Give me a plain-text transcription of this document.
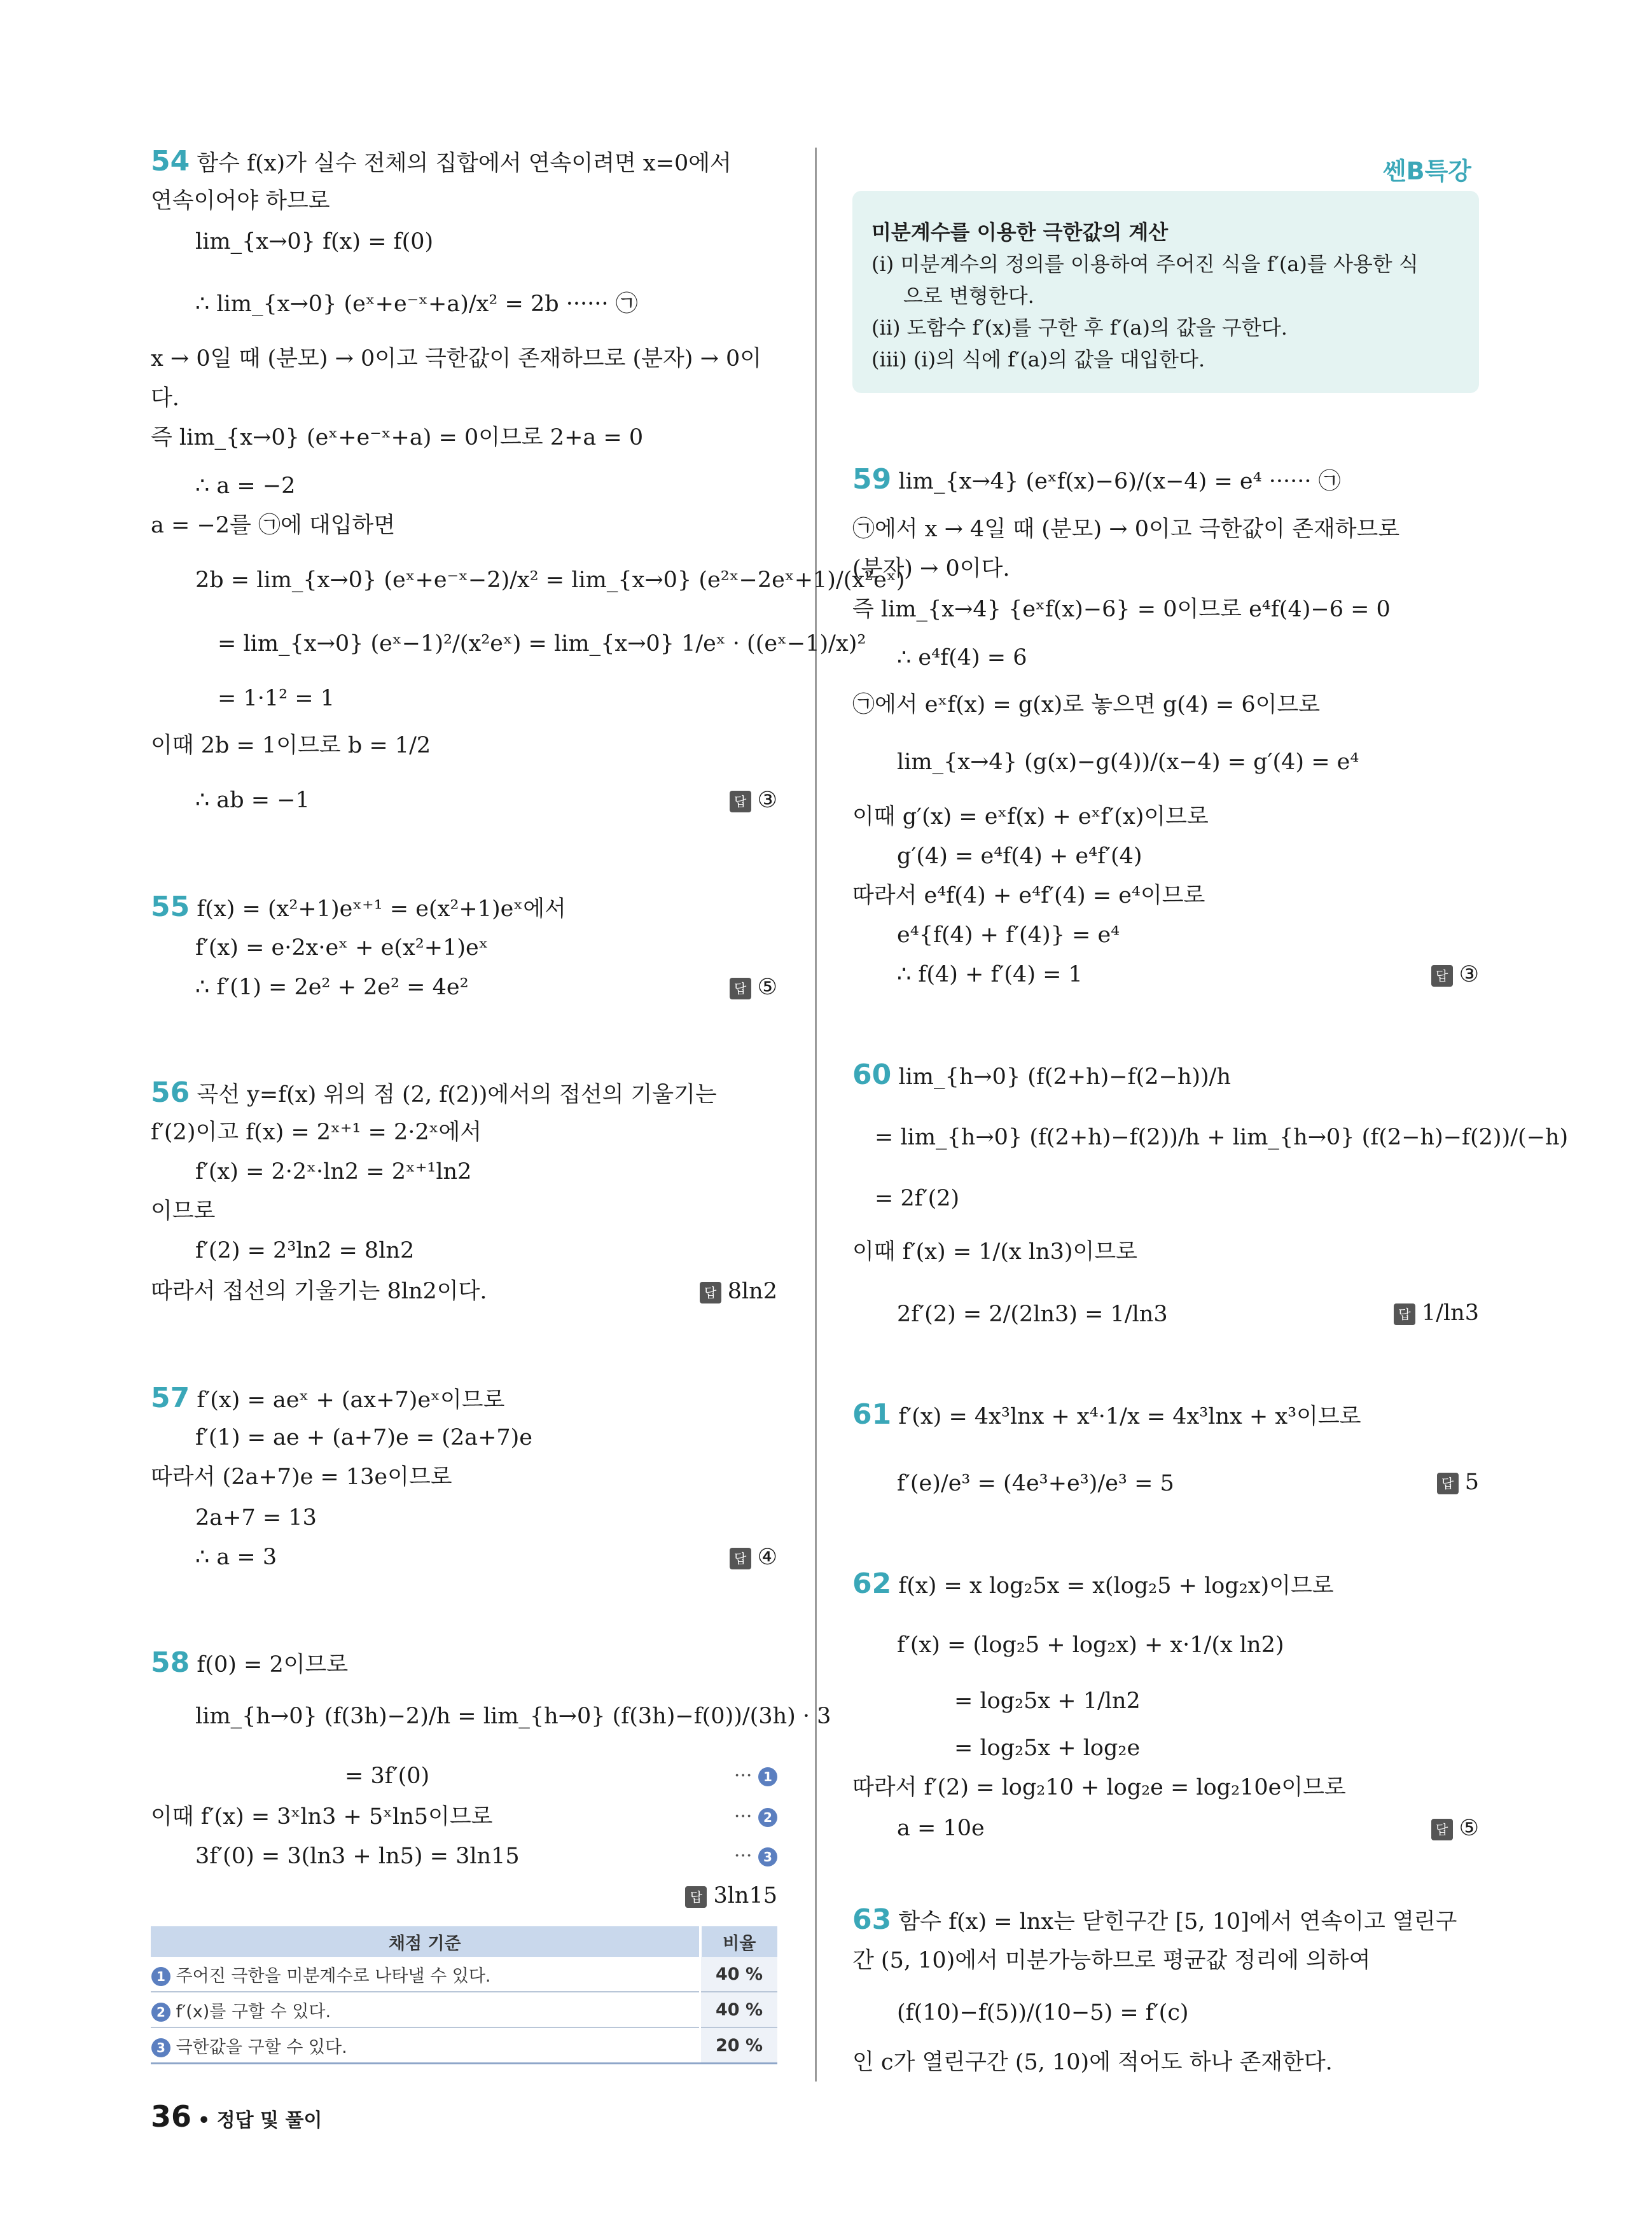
54 함수 f(x)가 실수 전체의 집합에서 연속이려면 x=0에서
연속이어야 하므로
lim_{x→0} f(x) = f(0)
∴ lim_{x→0} (eˣ+e⁻ˣ+a)/x² = 2b ······ ㉠
x → 0일 때 (분모) → 0이고 극한값이 존재하므로 (분자) → 0이
다.
즉 lim_{x→0} (eˣ+e⁻ˣ+a) = 0이므로 2+a = 0
∴ a = −2
a = −2를 ㉠에 대입하면
2b = lim_{x→0} (eˣ+e⁻ˣ−2)/x² = lim_{x→0} (e²ˣ−2eˣ+1)/(x²eˣ)
= lim_{x→0} (eˣ−1)²/(x²eˣ) = lim_{x→0} 1/eˣ · ((eˣ−1)/x)²
= 1·1² = 1
이때 2b = 1이므로 b = 1/2
∴ ab = −1	답 ③
55 f(x) = (x²+1)eˣ⁺¹ = e(x²+1)eˣ에서
f′(x) = e·2x·eˣ + e(x²+1)eˣ
∴ f′(1) = 2e² + 2e² = 4e²	답 ⑤
56 곡선 y=f(x) 위의 점 (2, f(2))에서의 접선의 기울기는
f′(2)이고 f(x) = 2ˣ⁺¹ = 2·2ˣ에서
f′(x) = 2·2ˣ·ln2 = 2ˣ⁺¹ln2
이므로
f′(2) = 2³ln2 = 8ln2
따라서 접선의 기울기는 8ln2이다.	답 8ln2
57 f′(x) = aeˣ + (ax+7)eˣ이므로
f′(1) = ae + (a+7)e = (2a+7)e
따라서 (2a+7)e = 13e이므로
2a+7 = 13
∴ a = 3	답 ④
58 f(0) = 2이므로
lim_{h→0} (f(3h)−2)/h = lim_{h→0} (f(3h)−f(0))/(3h) · 3
= 3f′(0)	··· 1
이때 f′(x) = 3ˣln3 + 5ˣln5이므로	··· 2
3f′(0) = 3(ln3 + ln5) = 3ln15	··· 3
답 3ln15
채점 기준	비율
1 주어진 극한을 미분계수로 나타낼 수 있다.	40 %
2 f′(x)를 구할 수 있다.	40 %
3 극한값을 구할 수 있다.	20 %
미분계수를 이용한 극한값의 계산
(i) 미분계수의 정의를 이용하여 주어진 식을 f′(a)를 사용한 식
으로 변형한다.
(ii) 도함수 f′(x)를 구한 후 f′(a)의 값을 구한다.
(iii) (i)의 식에 f′(a)의 값을 대입한다.
쎈B특강
59 lim_{x→4} (eˣf(x)−6)/(x−4) = e⁴ ······ ㉠
㉠에서 x → 4일 때 (분모) → 0이고 극한값이 존재하므로
(분자) → 0이다.
즉 lim_{x→4} {eˣf(x)−6} = 0이므로 e⁴f(4)−6 = 0
∴ e⁴f(4) = 6
㉠에서 eˣf(x) = g(x)로 놓으면 g(4) = 6이므로
lim_{x→4} (g(x)−g(4))/(x−4) = g′(4) = e⁴
이때 g′(x) = eˣf(x) + eˣf′(x)이므로
g′(4) = e⁴f(4) + e⁴f′(4)
따라서 e⁴f(4) + e⁴f′(4) = e⁴이므로
e⁴{f(4) + f′(4)} = e⁴
∴ f(4) + f′(4) = 1	답 ③
60 lim_{h→0} (f(2+h)−f(2−h))/h
= lim_{h→0} (f(2+h)−f(2))/h + lim_{h→0} (f(2−h)−f(2))/(−h)
= 2f′(2)
이때 f′(x) = 1/(x ln3)이므로
2f′(2) = 2/(2ln3) = 1/ln3	답 1/ln3
61 f′(x) = 4x³lnx + x⁴·1/x = 4x³lnx + x³이므로
f′(e)/e³ = (4e³+e³)/e³ = 5	답 5
62 f(x) = x log₂5x = x(log₂5 + log₂x)이므로
f′(x) = (log₂5 + log₂x) + x·1/(x ln2)
= log₂5x + 1/ln2
= log₂5x + log₂e
따라서 f′(2) = log₂10 + log₂e = log₂10e이므로
a = 10e	답 ⑤
63 함수 f(x) = lnx는 닫힌구간 [5, 10]에서 연속이고 열린구
간 (5, 10)에서 미분가능하므로 평균값 정리에 의하여
(f(10)−f(5))/(10−5) = f′(c)
인 c가 열린구간 (5, 10)에 적어도 하나 존재한다.
36 • 정답 및 풀이
